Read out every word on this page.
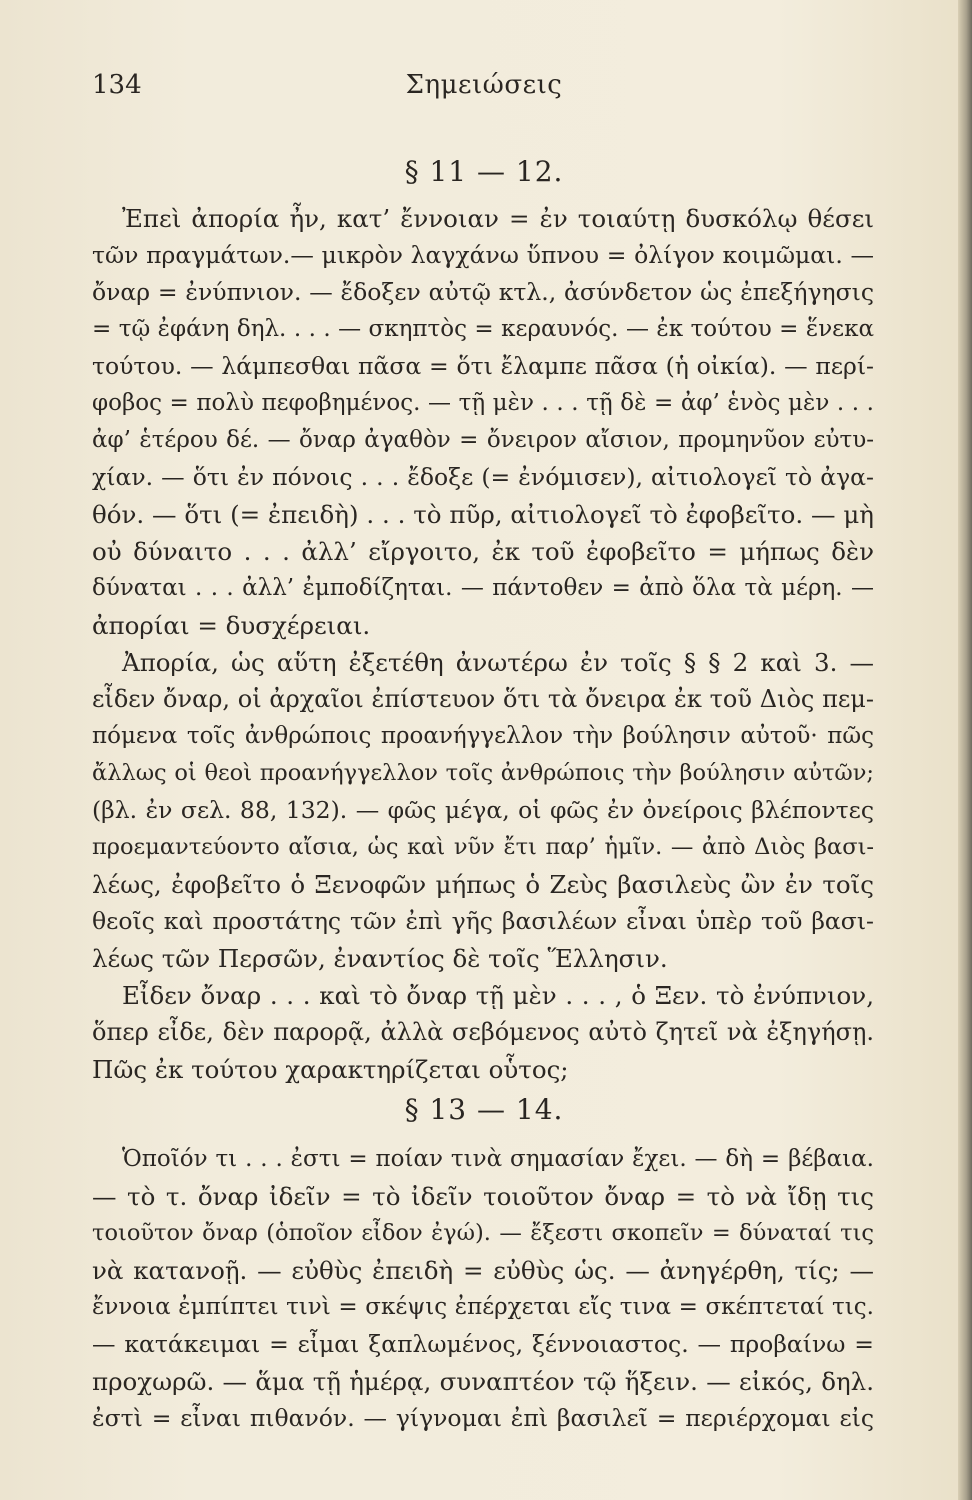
134	Σημειώσεις
§ 11 — 12.
Ἐπεὶ ἀπορία ἦν, κατ’ ἔννοιαν = ἐν τοιαύτῃ δυσκόλῳ θέσει
τῶν πραγμάτων.— μικρὸν λαγχάνω ὕπνου = ὀλίγον κοιμῶμαι. —
ὄναρ = ἐνύπνιον. — ἔδοξεν αὐτῷ κτλ., ἀσύνδετον ὡς ἐπεξήγησις
= τῷ ἐφάνη δηλ. . . . — σκηπτὸς = κεραυνός. — ἐκ τούτου = ἕνεκα
τούτου. — λάμπεσθαι πᾶσα = ὅτι ἔλαμπε πᾶσα (ἡ οἰκία). — περί-
φοβος = πολὺ πεφοβημένος. — τῇ μὲν . . . τῇ δὲ = ἀφ’ ἑνὸς μὲν . . .
ἀφ’ ἑτέρου δέ. — ὄναρ ἀγαθὸν = ὄνειρον αἴσιον, προμηνῦον εὐτυ-
χίαν. — ὅτι ἐν πόνοις . . . ἔδοξε (= ἐνόμισεν), αἰτιολογεῖ τὸ ἀγα-
θόν. — ὅτι (= ἐπειδὴ) . . . τὸ πῦρ, αἰτιολογεῖ τὸ ἐφοβεῖτο. — μὴ
οὐ δύναιτο . . . ἀλλ’ εἴργοιτο, ἐκ τοῦ ἐφοβεῖτο = μήπως δὲν
δύναται . . . ἀλλ’ ἐμποδίζηται. — πάντοθεν = ἀπὸ ὅλα τὰ μέρη. —
ἀπορίαι = δυσχέρειαι.
Ἀπορία, ὡς αὕτη ἐξετέθη ἀνωτέρω ἐν τοῖς § § 2 καὶ 3. —
εἶδεν ὄναρ, οἱ ἀρχαῖοι ἐπίστευον ὅτι τὰ ὄνειρα ἐκ τοῦ Διὸς πεμ-
πόμενα τοῖς ἀνθρώποις προανήγγελλον τὴν βούλησιν αὐτοῦ· πῶς
ἄλλως οἱ θεοὶ προανήγγελλον τοῖς ἀνθρώποις τὴν βούλησιν αὐτῶν;
(βλ. ἐν σελ. 88, 132). — φῶς μέγα, οἱ φῶς ἐν ὀνείροις βλέποντες
προεμαντεύοντο αἴσια, ὡς καὶ νῦν ἔτι παρ’ ἡμῖν. — ἀπὸ Διὸς βασι-
λέως, ἐφοβεῖτο ὁ Ξενοφῶν μήπως ὁ Ζεὺς βασιλεὺς ὢν ἐν τοῖς
θεοῖς καὶ προστάτης τῶν ἐπὶ γῆς βασιλέων εἶναι ὑπὲρ τοῦ βασι-
λέως τῶν Περσῶν, ἐναντίος δὲ τοῖς Ἕλλησιν.
Εἶδεν ὄναρ . . . καὶ τὸ ὄναρ τῇ μὲν . . . , ὁ Ξεν. τὸ ἐνύπνιον,
ὅπερ εἶδε, δὲν παρορᾷ, ἀλλὰ σεβόμενος αὐτὸ ζητεῖ νὰ ἐξηγήσῃ.
Πῶς ἐκ τούτου χαρακτηρίζεται οὗτος;
§ 13 — 14.
Ὁποῖόν τι . . . ἐστι = ποίαν τινὰ σημασίαν ἔχει. — δὴ = βέβαια.
— τὸ τ. ὄναρ ἰδεῖν = τὸ ἰδεῖν τοιοῦτον ὄναρ = τὸ νὰ ἴδῃ τις
τοιοῦτον ὄναρ (ὁποῖον εἶδον ἐγώ). — ἔξεστι σκοπεῖν = δύναταί τις
νὰ κατανοῇ. — εὐθὺς ἐπειδὴ = εὐθὺς ὡς. — ἀνηγέρθη, τίς; —
ἔννοια ἐμπίπτει τινὶ = σκέψις ἐπέρχεται εἴς τινα = σκέπτεταί τις.
— κατάκειμαι = εἶμαι ξαπλωμένος, ξέννοιαστος. — προβαίνω =
προχωρῶ. — ἅμα τῇ ἡμέρᾳ, συναπτέον τῷ ἥξειν. — εἰκός, δηλ.
ἐστὶ = εἶναι πιθανόν. — γίγνομαι ἐπὶ βασιλεῖ = περιέρχομαι εἰς
